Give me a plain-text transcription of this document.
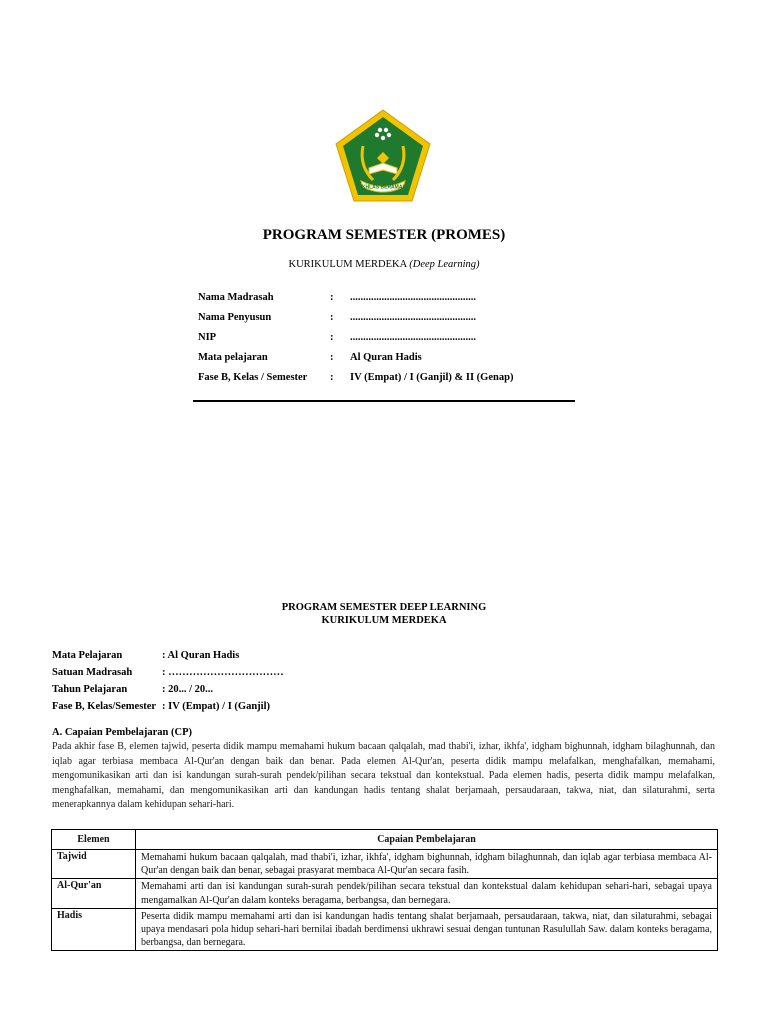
IKHLAS BERAMAL
PROGRAM SEMESTER (PROMES)
KURIKULUM MERDEKA (Deep Learning)
Nama Madrasah	:	................................................
Nama Penyusun	:	................................................
NIP	:	................................................
Mata pelajaran	:	Al Quran Hadis
Fase B, Kelas / Semester	:	IV (Empat) / I (Ganjil) & II (Genap)
PROGRAM SEMESTER DEEP LEARNING
KURIKULUM MERDEKA
Mata Pelajaran	: Al Quran Hadis
Satuan Madrasah	: ……………………………
Tahun Pelajaran	: 20... / 20...
Fase B, Kelas/Semester : IV (Empat) / I (Ganjil)
A. Capaian Pembelajaran (CP)
Pada akhir fase B, elemen tajwid, peserta didik mampu memahami hukum bacaan qalqalah, mad thabi'i, izhar, ikhfa', idgham bighunnah, idgham bilaghunnah, dan iqlab agar terbiasa membaca Al-Qur'an dengan baik dan benar. Pada elemen Al-Qur'an, peserta didik mampu melafalkan, menghafalkan, memahami, mengomunikasikan arti dan isi kandungan surah-surah pendek/pilihan secara tekstual dan kontekstual. Pada elemen hadis, peserta didik mampu melafalkan, menghafalkan, memahami, dan mengomunikasikan arti dan kandungan hadis tentang shalat berjamaah, persaudaraan, takwa, niat, dan silaturahmi, serta menerapkannya dalam kehidupan sehari-hari.
Elemen	Capaian Pembelajaran
Tajwid	Memahami hukum bacaan qalqalah, mad thabi'i, izhar, ikhfa', idgham bighunnah, idgham bilaghunnah, dan iqlab agar terbiasa membaca Al-Qur'an dengan baik dan benar, sebagai prasyarat membaca Al-Qur'an secara fasih.
Al-Qur'an	Memahami arti dan isi kandungan surah-surah pendek/pilihan secara tekstual dan kontekstual dalam kehidupan sehari-hari, sebagai upaya mengamalkan Al-Qur'an dalam konteks beragama, berbangsa, dan bernegara.
Hadis	Peserta didik mampu memahami arti dan isi kandungan hadis tentang shalat berjamaah, persaudaraan, takwa, niat, dan silaturahmi, sebagai upaya mendasari pola hidup sehari-hari bernilai ibadah berdimensi ukhrawi sesuai dengan tuntunan Rasulullah Saw. dalam konteks beragama, berbangsa, dan bernegara.
